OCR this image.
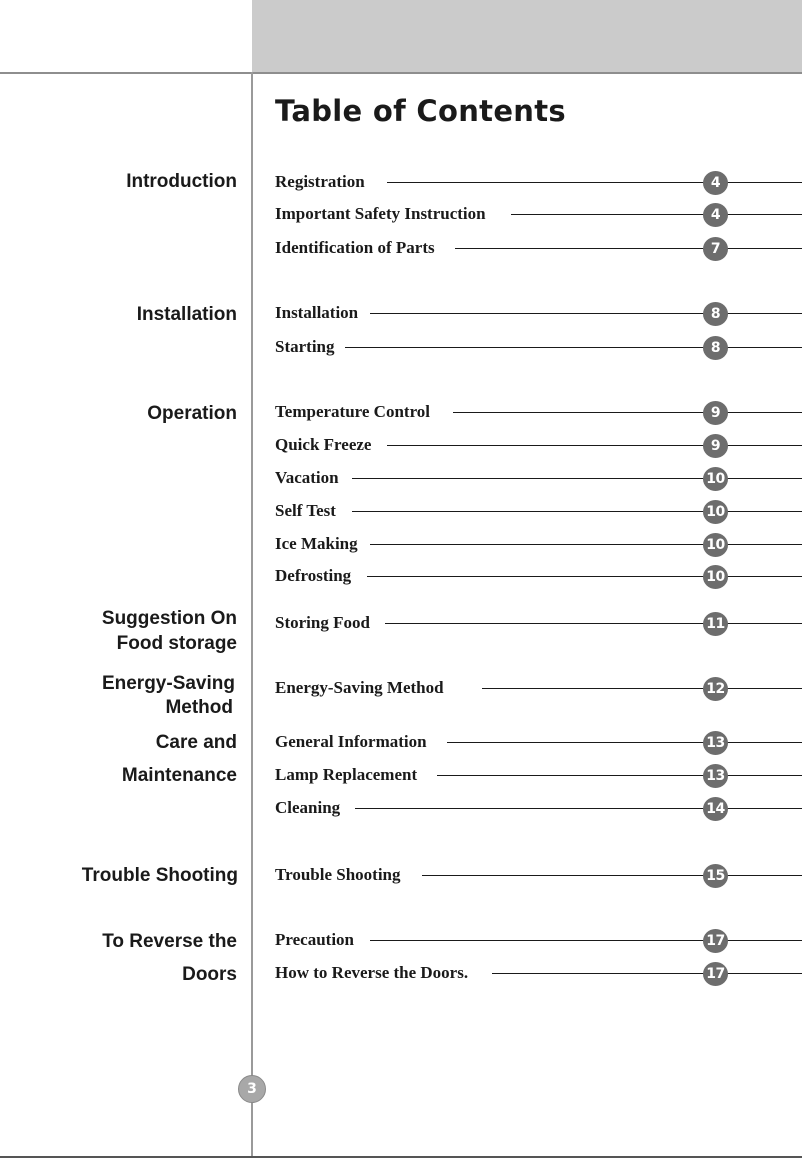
Table of Contents
Introduction
Installation
Operation
Suggestion On
Food storage
Energy-Saving
Method
Care and
Maintenance
Trouble Shooting
To Reverse the
Doors
Registration	4
Important Safety Instruction	4
Identification of Parts	7
Installation	8
Starting	8
Temperature Control	9
Quick Freeze	9
Vacation	10
Self Test	10
Ice Making	10
Defrosting	10
Storing Food	11
Energy-Saving Method	12
General Information	13
Lamp Replacement	13
Cleaning	14
Trouble Shooting	15
Precaution	17
How to Reverse the Doors.	17
3
